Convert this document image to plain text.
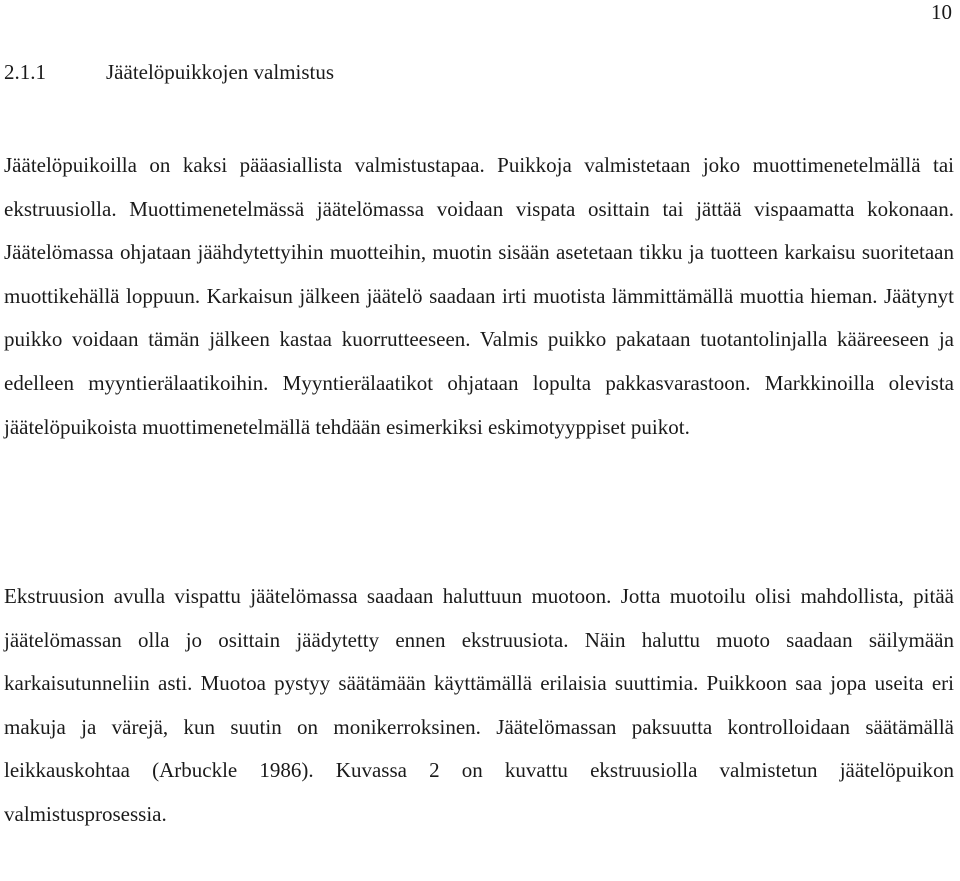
10
2.1.1	Jäätelöpuikkojen valmistus

Jäätelöpuikoilla on kaksi pääasiallista valmistustapaa. Puikkoja valmistetaan joko muottimenetelmällä tai ekstruusiolla. Muottimenetelmässä jäätelömassa voidaan vispata osittain tai jättää vispaamatta kokonaan. Jäätelömassa ohjataan jäähdytettyihin muotteihin, muotin sisään asetetaan tikku ja tuotteen karkaisu suoritetaan muottikehällä loppuun. Karkaisun jälkeen jäätelö saadaan irti muotista lämmittämällä muottia hieman. Jäätynyt puikko voidaan tämän jälkeen kastaa kuorrutteeseen. Valmis puikko pakataan tuotantolinjalla kääreeseen ja edelleen myyntierälaatikoihin. Myyntierälaatikot ohjataan lopulta pakkasvarastoon. Markkinoilla olevista jäätelöpuikoista muottimenetelmällä tehdään esimerkiksi eskimotyyppiset puikot.

Ekstruusion avulla vispattu jäätelömassa saadaan haluttuun muotoon. Jotta muotoilu olisi mahdollista, pitää jäätelömassan olla jo osittain jäädytetty ennen ekstruusiota. Näin haluttu muoto saadaan säilymään karkaisutunneliin asti. Muotoa pystyy säätämään käyttämällä erilaisia suuttimia. Puikkoon saa jopa useita eri makuja ja värejä, kun suutin on monikerroksinen. Jäätelömassan paksuutta kontrolloidaan säätämällä leikkauskohtaa (Arbuckle 1986). Kuvassa 2 on kuvattu ekstruusiolla valmistetun jäätelöpuikon valmistusprosessia.
